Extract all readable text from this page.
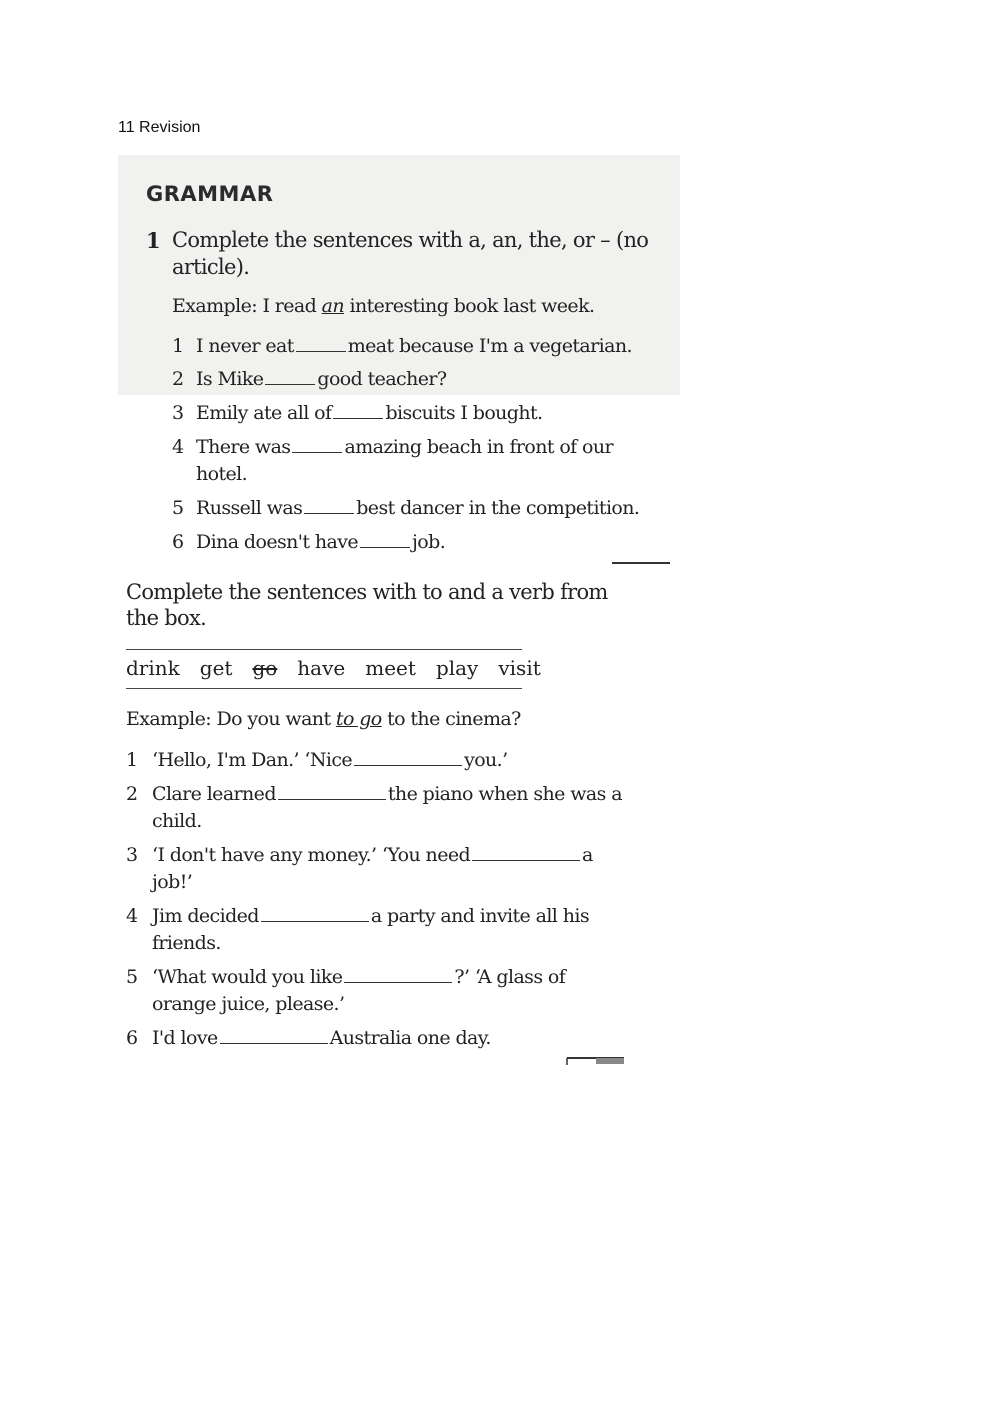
11 Revision
GRAMMAR
1 Complete the sentences with a, an, the, or – (no
article).
Example: I read an interesting book last week.
1 I never eat	meat because I'm a vegetarian.
2 Is Mike	good teacher?
3 Emily ate all of	biscuits I bought.
4 There was	amazing beach in front of our
hotel.
5 Russell was	best dancer in the competition.
6 Dina doesn't have	job.
Complete the sentences with to and a verb from
the box.
drink get go have meet play visit
Example: Do you want to go to the cinema?
1 ‘Hello, I'm Dan.’ ‘Nice	you.’
2 Clare learned	the piano when she was a
child.
3 ‘I don't have any money.’ ‘You need	a
job!’
4 Jim decided	a party and invite all his
friends.
5 ‘What would you like	?’ ‘A glass of
orange juice, please.’
6 I'd love	Australia one day.
